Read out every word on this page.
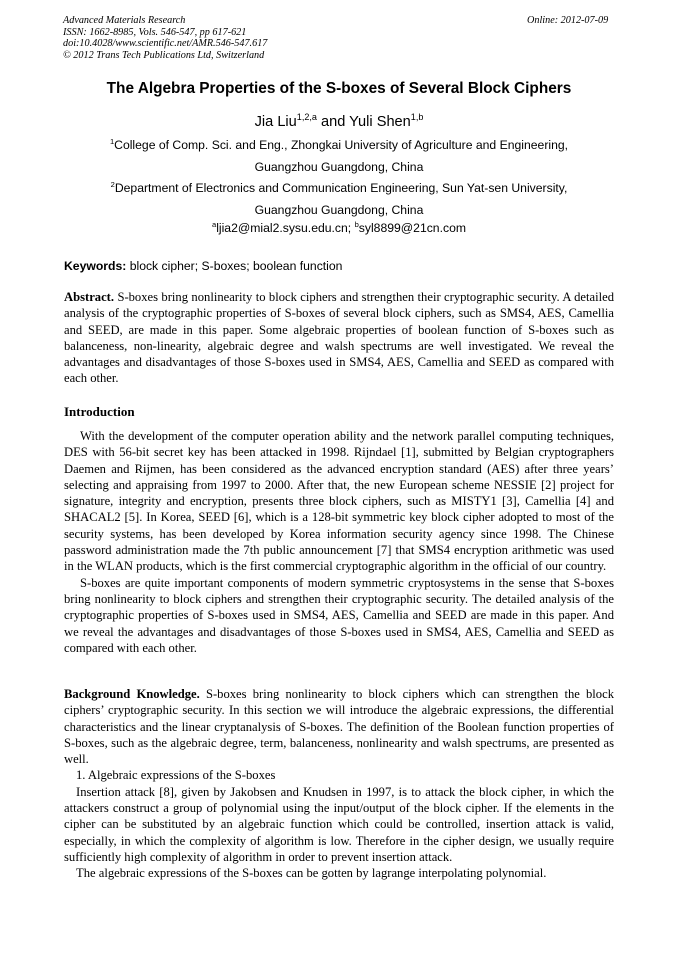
Advanced Materials Research
ISSN: 1662-8985, Vols. 546-547, pp 617-621
doi:10.4028/www.scientific.net/AMR.546-547.617
© 2012 Trans Tech Publications Ltd, Switzerland
Online: 2012-07-09
The Algebra Properties of the S-boxes of Several Block Ciphers
Jia Liu$^{1,2,a}$ and Yuli Shen$^{1,b}$
$^1$College of Comp. Sci. and Eng., Zhongkai University of Agriculture and Engineering,
Guangzhou Guangdong, China
$^2$Department of Electronics and Communication Engineering, Sun Yat-sen University,
Guangzhou Guangdong, China
$^a$ljia2@mial2.sysu.edu.cn; $^b$syl8899@21cn.com
Keywords: block cipher; S-boxes; boolean function

Abstract. S-boxes bring nonlinearity to block ciphers and strengthen their cryptographic security. A detailed analysis of the cryptographic properties of S-boxes of several block ciphers, such as SMS4, AES, Camellia and SEED, are made in this paper. Some algebraic properties of boolean function of S-boxes such as balanceness, non-linearity, algebraic degree and walsh spectrums are well investigated. We reveal the advantages and disadvantages of those S-boxes used in SMS4, AES, Camellia and SEED as compared with each other.

Introduction

With the development of the computer operation ability and the network parallel computing techniques, DES with 56-bit secret key has been attacked in 1998. Rijndael [1], submitted by Belgian cryptographers Daemen and Rijmen, has been considered as the advanced encryption standard (AES) after three years’ selecting and appraising from 1997 to 2000. After that, the new European scheme NESSIE [2] project for signature, integrity and encryption, presents three block ciphers, such as MISTY1 [3], Camellia [4] and SHACAL2 [5]. In Korea, SEED [6], which is a 128-bit symmetric key block cipher adopted to most of the security systems, has been developed by Korea information security agency since 1998. The Chinese password administration made the 7th public announcement [7] that SMS4 encryption arithmetic was used in the WLAN products, which is the first commercial cryptographic algorithm in the official of our country.

S-boxes are quite important components of modern symmetric cryptosystems in the sense that S-boxes bring nonlinearity to block ciphers and strengthen their cryptographic security. The detailed analysis of the cryptographic properties of S-boxes used in SMS4, AES, Camellia and SEED are made in this paper. And we reveal the advantages and disadvantages of those S-boxes used in SMS4, AES, Camellia and SEED as compared with each other.

Background Knowledge. S-boxes bring nonlinearity to block ciphers which can strengthen the block ciphers’ cryptographic security. In this section we will introduce the algebraic expressions, the differential characteristics and the linear cryptanalysis of S-boxes. The definition of the Boolean function properties of S-boxes, such as the algebraic degree, term, balanceness, nonlinearity and walsh spectrums, are presented as well.

1. Algebraic expressions of the S-boxes

Insertion attack [8], given by Jakobsen and Knudsen in 1997, is to attack the block cipher, in which the attackers construct a group of polynomial using the input/output of the block cipher. If the elements in the cipher can be substituted by an algebraic function which could be controlled, insertion attack is valid, especially, in which the complexity of algorithm is low. Therefore in the cipher design, we usually require sufficiently high complexity of algorithm in order to prevent insertion attack.

The algebraic expressions of the S-boxes can be gotten by lagrange interpolating polynomial.
